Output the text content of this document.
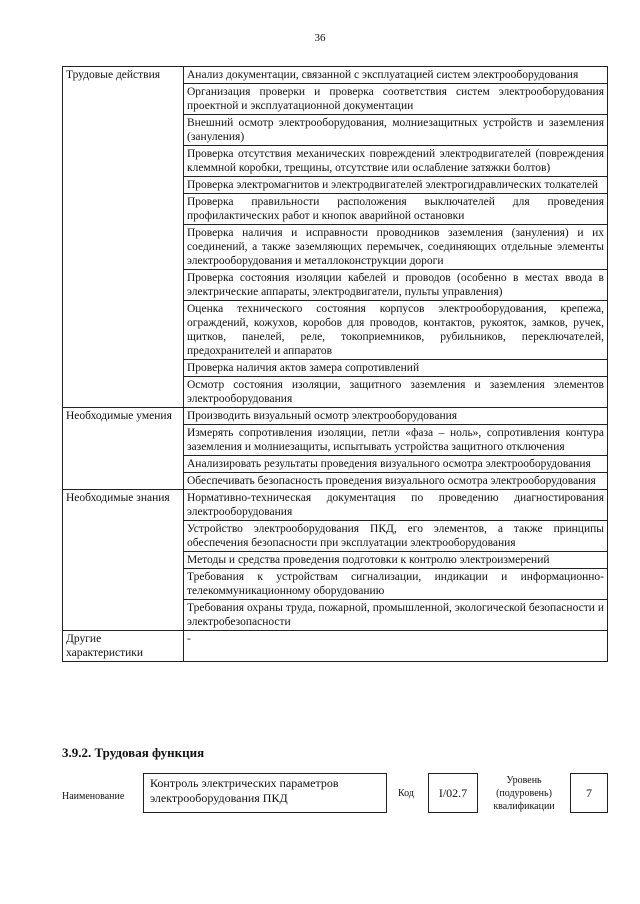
36
Трудовые действия	Анализ документации, связанной с эксплуатацией систем электрооборудования
	Организация проверки и проверка соответствия систем электрооборудования проектной и эксплуатационной документации
	Внешний осмотр электрооборудования, молниезащитных устройств и заземления (зануления)
	Проверка отсутствия механических повреждений электродвигателей (повреждения клеммной коробки, трещины, отсутствие или ослабление затяжки болтов)
	Проверка электромагнитов и электродвигателей электрогидравлических толкателей
	Проверка правильности расположения выключателей для проведения профилактических работ и кнопок аварийной остановки
	Проверка наличия и исправности проводников заземления (зануления) и их соединений, а также заземляющих перемычек, соединяющих отдельные элементы электрооборудования и металлоконструкции дороги
	Проверка состояния изоляции кабелей и проводов (особенно в местах ввода в электрические аппараты, электродвигатели, пульты управления)
	Оценка технического состояния корпусов электрооборудования, крепежа, ограждений, кожухов, коробов для проводов, контактов, рукояток, замков, ручек, щитков, панелей, реле, токоприемников, рубильников, переключателей, предохранителей и аппаратов
	Проверка наличия актов замера сопротивлений
	Осмотр состояния изоляции, защитного заземления и заземления элементов электрооборудования
Необходимые умения	Производить визуальный осмотр электрооборудования
	Измерять сопротивления изоляции, петли «фаза – ноль», сопротивления контура заземления и молниезащиты, испытывать устройства защитного отключения
	Анализировать результаты проведения визуального осмотра электрооборудования
	Обеспечивать безопасность проведения визуального осмотра электрооборудования
Необходимые знания	Нормативно-техническая документация по проведению диагностирования электрооборудования
	Устройство электрооборудования ПКД, его элементов, а также принципы обеспечения безопасности при эксплуатации электрооборудования
	Методы и средства проведения подготовки к контролю электроизмерений
	Требования к устройствам сигнализации, индикации и информационно-телекоммуникационному оборудованию
	Требования охраны труда, пожарной, промышленной, экологической безопасности и электробезопасности
Другие характеристики	-
3.9.2. Трудовая функция
Наименование
Контроль электрических параметров электрооборудования ПКД	Код	I/02.7
Уровень (подуровень) квалификации
7
